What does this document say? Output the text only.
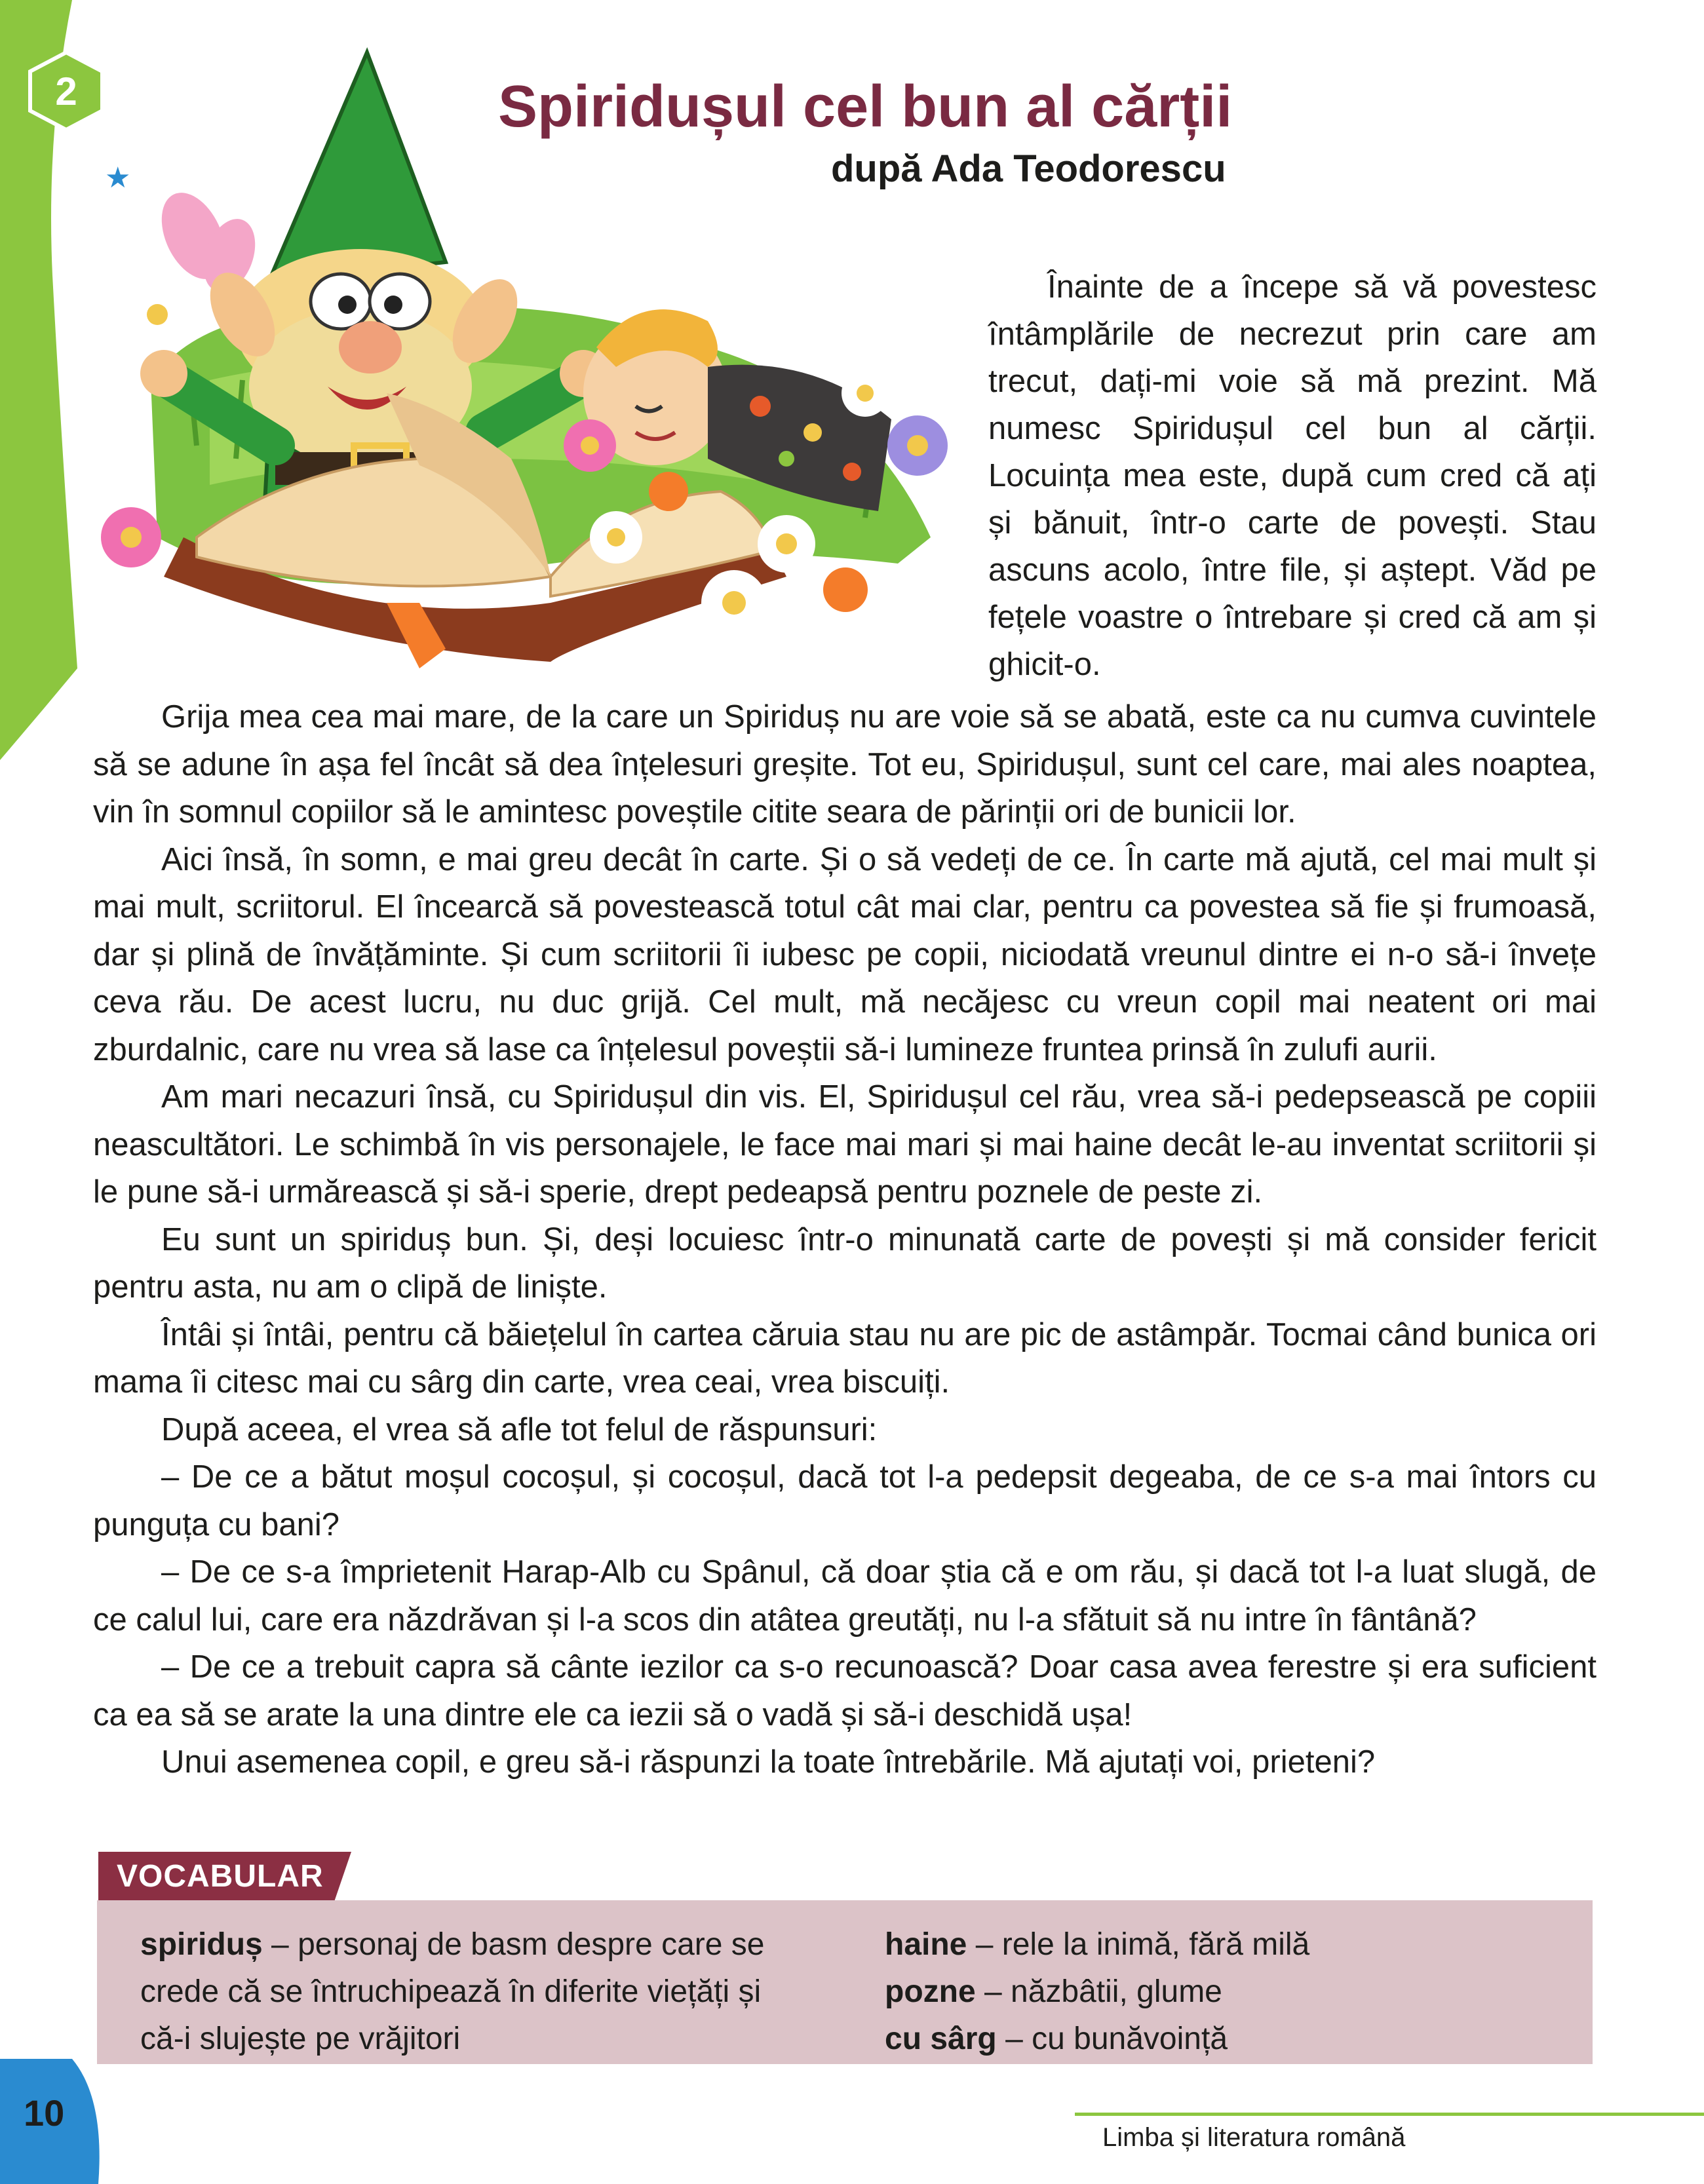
2
★
Spiridușul cel bun al cărții
după Ada Teodorescu

Înainte de a începe să vă povestesc întâmplările de necrezut prin care am trecut, dați-mi voie să mă prezint. Mă numesc Spiridușul cel bun al cărții. Locuința mea este, după cum cred că ați și bănuit, într-o carte de povești. Stau ascuns acolo, între file, și aștept. Văd pe fețele voastre o întrebare și cred că am și ghicit-o.

Grija mea cea mai mare, de la care un Spiriduș nu are voie să se abată, este ca nu cumva cuvintele să se adune în așa fel încât să dea înțelesuri greșite. Tot eu, Spiridușul, sunt cel care, mai ales noaptea, vin în somnul copiilor să le amintesc poveștile citite seara de părinții ori de bunicii lor.

Aici însă, în somn, e mai greu decât în carte. Și o să vedeți de ce. În carte mă ajută, cel mai mult și mai mult, scriitorul. El încearcă să povestească totul cât mai clar, pentru ca povestea să fie și frumoasă, dar și plină de învățăminte. Și cum scriitorii îi iubesc pe copii, niciodată vreunul dintre ei n-o să-i învețe ceva rău. De acest lucru, nu duc grijă. Cel mult, mă necăjesc cu vreun copil mai neatent ori mai zburdalnic, care nu vrea să lase ca înțelesul poveștii să-i lumineze fruntea prinsă în zulufi aurii.

Am mari necazuri însă, cu Spiridușul din vis. El, Spiridușul cel rău, vrea să-i pedepsească pe copiii neascultători. Le schimbă în vis personajele, le face mai mari și mai haine decât le-au inventat scriitorii și le pune să-i urmărească și să-i sperie, drept pedeapsă pentru poznele de peste zi.

Eu sunt un spiriduș bun. Și, deși locuiesc într-o minunată carte de povești și mă consider fericit pentru asta, nu am o clipă de liniște.

Întâi și întâi, pentru că băiețelul în cartea căruia stau nu are pic de astâmpăr. Tocmai când bunica ori mama îi citesc mai cu sârg din carte, vrea ceai, vrea biscuiți.

După aceea, el vrea să afle tot felul de răspunsuri:

– De ce a bătut moșul cocoșul, și cocoșul, dacă tot l-a pedepsit degeaba, de ce s-a mai întors cu punguța cu bani?

– De ce s-a împrietenit Harap-Alb cu Spânul, că doar știa că e om rău, și dacă tot l-a luat slugă, de ce calul lui, care era năzdrăvan și l-a scos din atâtea greutăți, nu l-a sfătuit să nu intre în fântână?

– De ce a trebuit capra să cânte iezilor ca s-o recunoască? Doar casa avea ferestre și era suficient ca ea să se arate la una dintre ele ca iezii să o vadă și să-i deschidă ușa!

Unui asemenea copil, e greu să-i răspunzi la toate întrebările. Mă ajutați voi, prieteni?

VOCABULAR

spiriduș – personaj de basm despre care se crede că se întruchipează în diferite viețăți și că-i slujește pe vrăjitori

haine – rele la inimă, fără milă

pozne – năzbâtii, glume

cu sârg – cu bunăvoință

10
Limba și literatura română
